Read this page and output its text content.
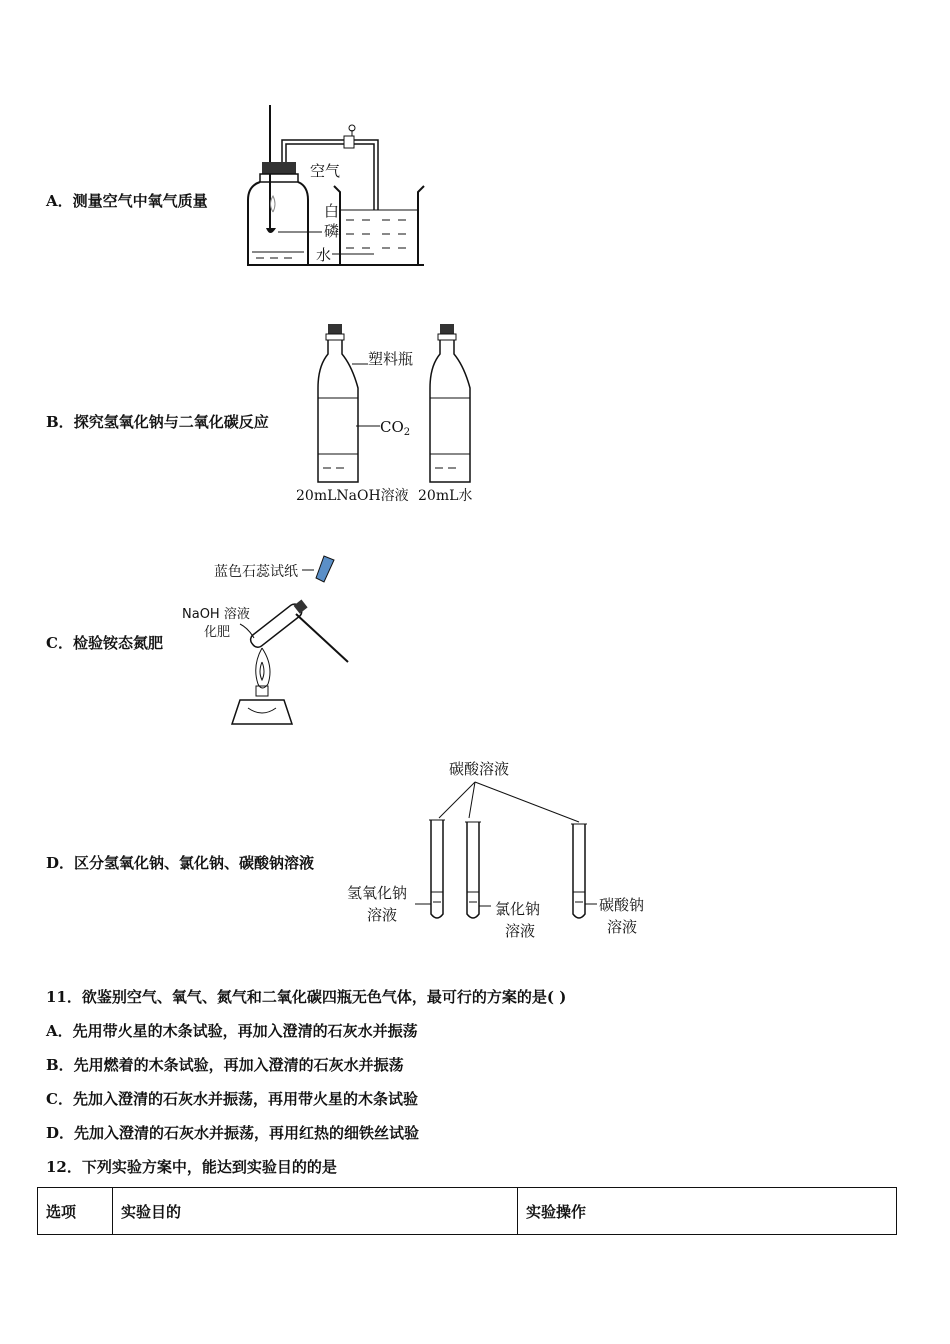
A．测量空气中氧气质量
空气
白
磷
水
B．探究氢氧化钠与二氧化碳反应
塑料瓶
$CO_2$
20mLNaOH溶液 20mL水
C．检验铵态氮肥
蓝色石蕊试纸
NaOH 溶液
化肥
D．区分氢氧化钠、氯化钠、碳酸钠溶液
碳酸溶液
氢氧化钠
溶液	氯化钠
溶液
碳酸钠
溶液
11．欲鉴别空气、氧气、氮气和二氧化碳四瓶无色气体，最可行的方案的是( )
A．先用带火星的木条试验，再加入澄清的石灰水并振荡
B．先用燃着的木条试验，再加入澄清的石灰水并振荡
C．先加入澄清的石灰水并振荡，再用带火星的木条试验
D．先加入澄清的石灰水并振荡，再用红热的细铁丝试验
12．下列实验方案中，能达到实验目的的是
选项	实验目的	实验操作
